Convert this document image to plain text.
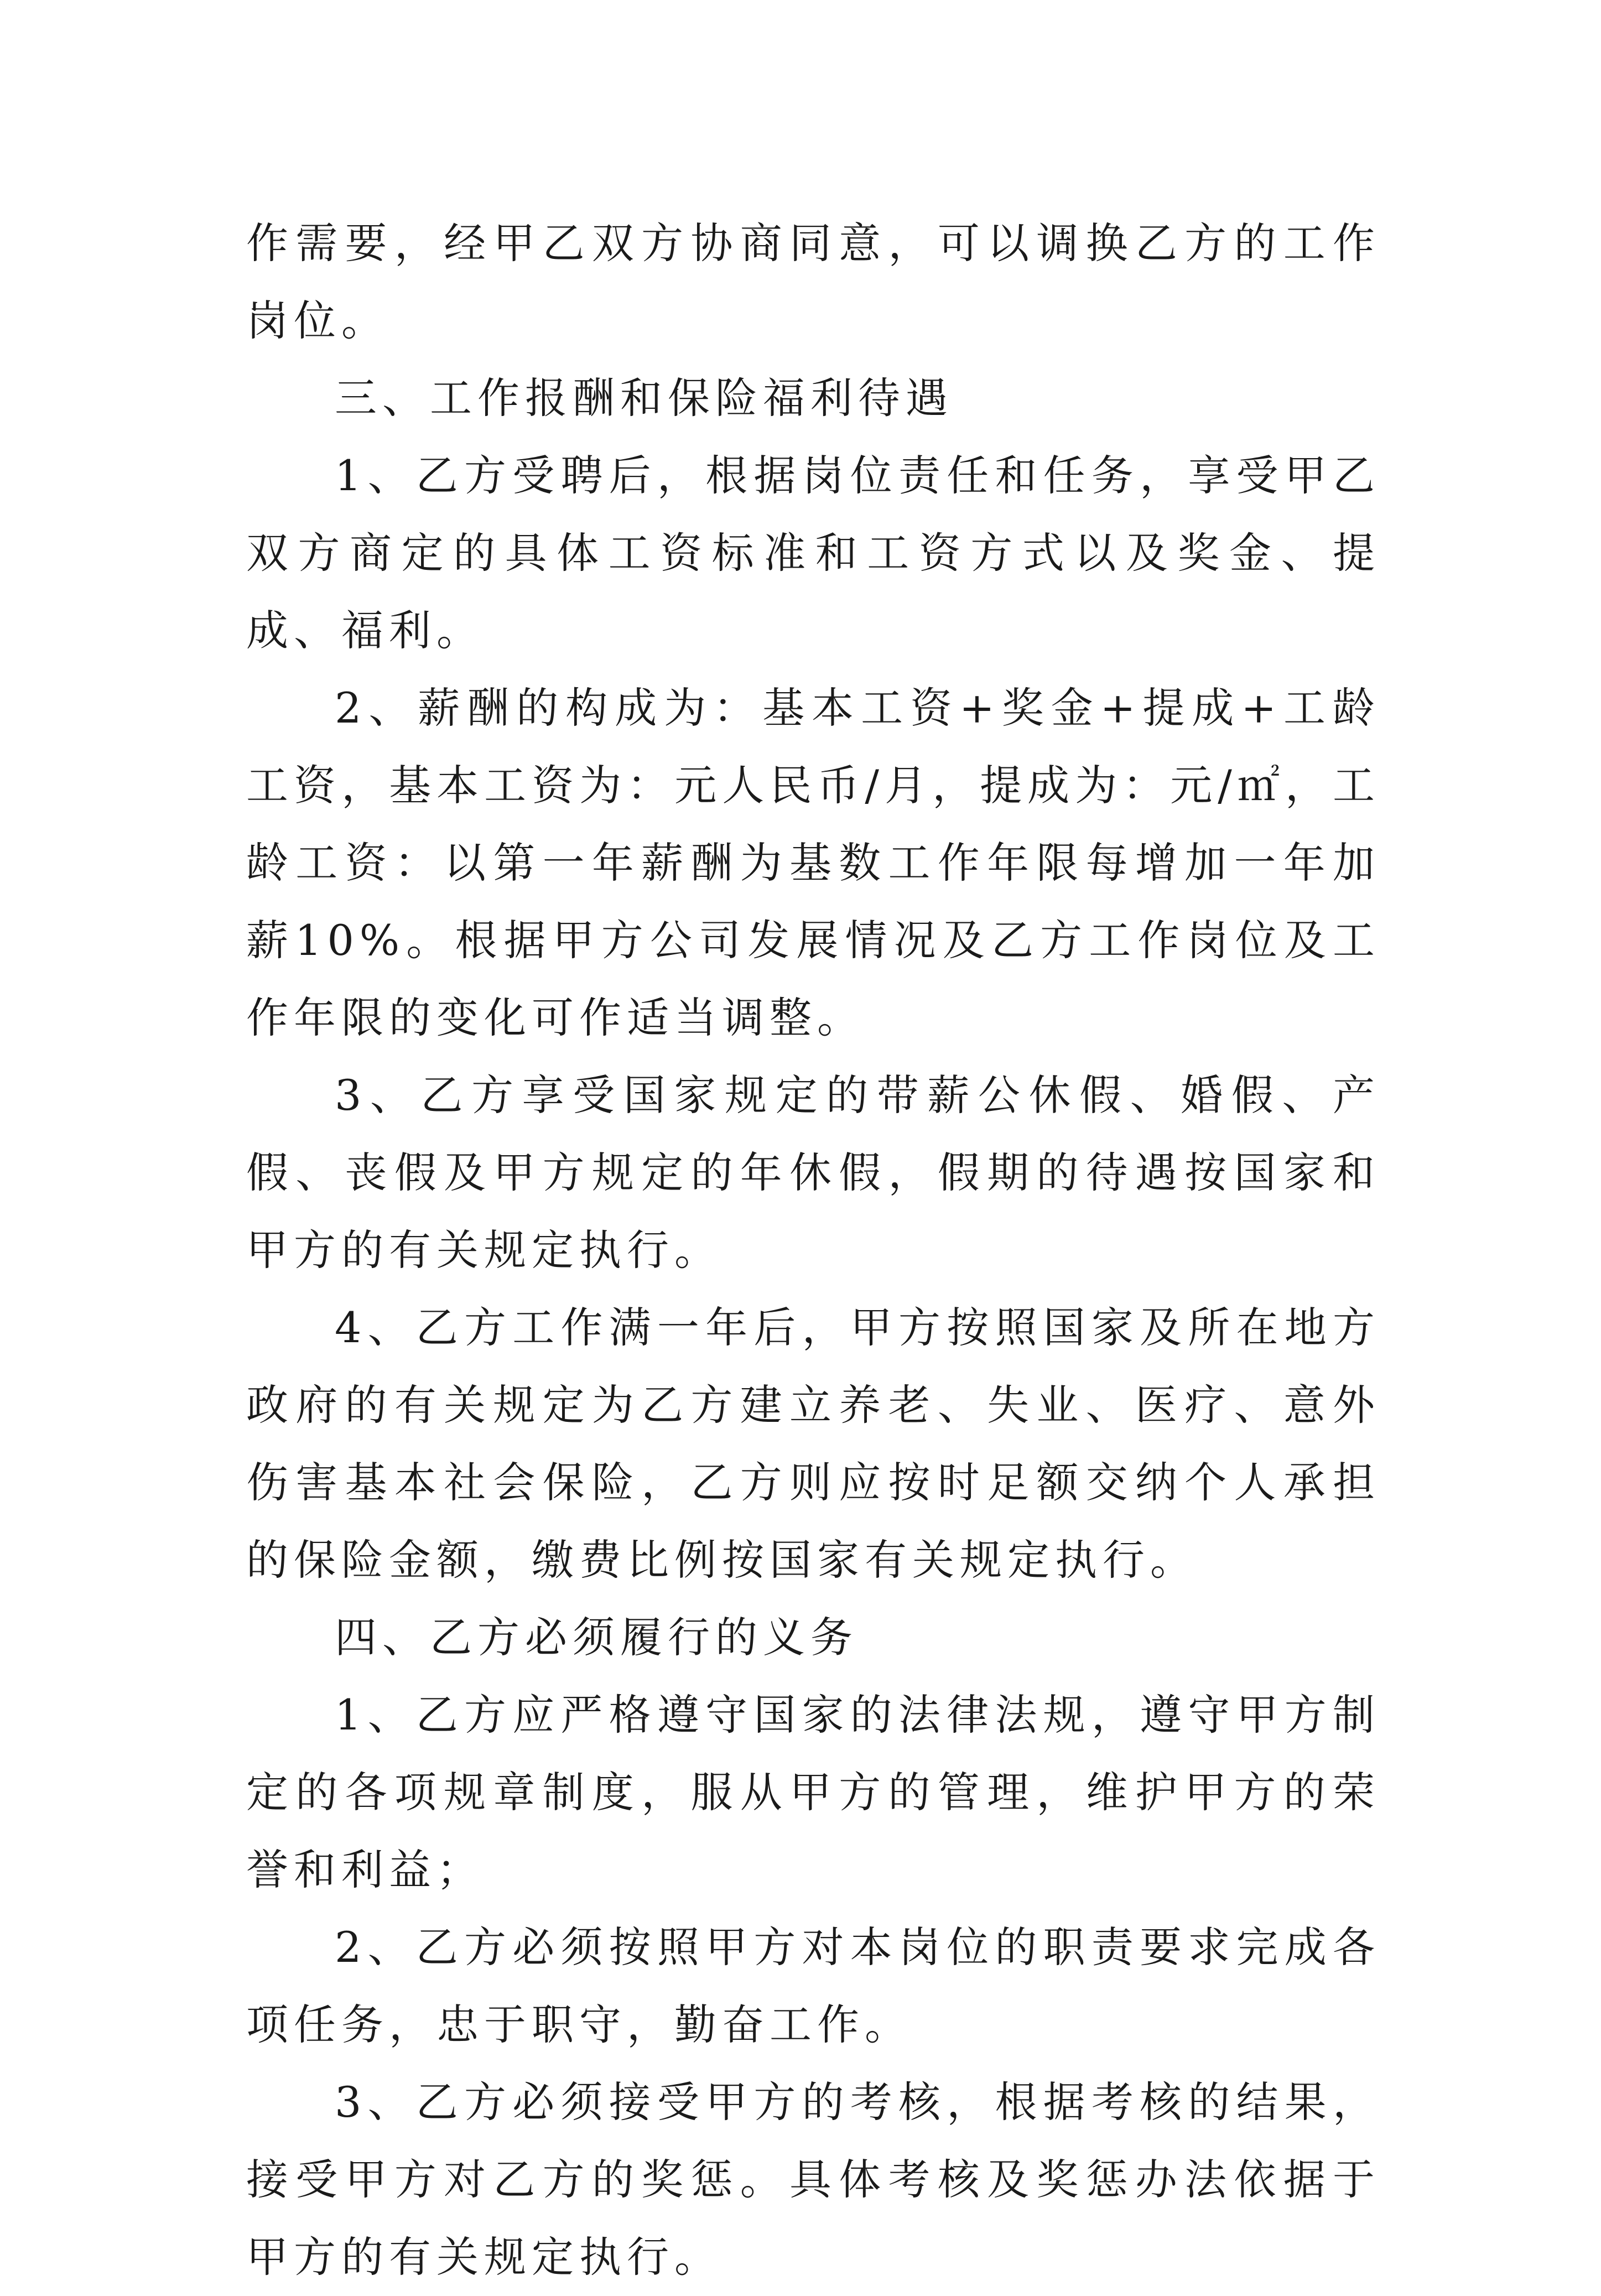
作需要，经甲乙双方协商同意，可以调换乙方的工作岗位。

三、工作报酬和保险福利待遇

1、乙方受聘后，根据岗位责任和任务，享受甲乙双方商定的具体工资标准和工资方式以及奖金、提成、福利。

2、薪酬的构成为：基本工资+奖金+提成+工龄工资，基本工资为：元人民币/月，提成为：元/㎡，工龄工资：以第一年薪酬为基数工作年限每增加一年加薪10%。根据甲方公司发展情况及乙方工作岗位及工作年限的变化可作适当调整。

3、乙方享受国家规定的带薪公休假、婚假、产假、丧假及甲方规定的年休假，假期的待遇按国家和甲方的有关规定执行。

4、乙方工作满一年后，甲方按照国家及所在地方政府的有关规定为乙方建立养老、失业、医疗、意外伤害基本社会保险，乙方则应按时足额交纳个人承担的保险金额，缴费比例按国家有关规定执行。

四、乙方必须履行的义务

1、乙方应严格遵守国家的法律法规，遵守甲方制定的各项规章制度，服从甲方的管理，维护甲方的荣誉和利益；

2、乙方必须按照甲方对本岗位的职责要求完成各项任务，忠于职守，勤奋工作。

3、乙方必须接受甲方的考核，根据考核的结果，接受甲方对乙方的奖惩。具体考核及奖惩办法依据于甲方的有关规定执行。
